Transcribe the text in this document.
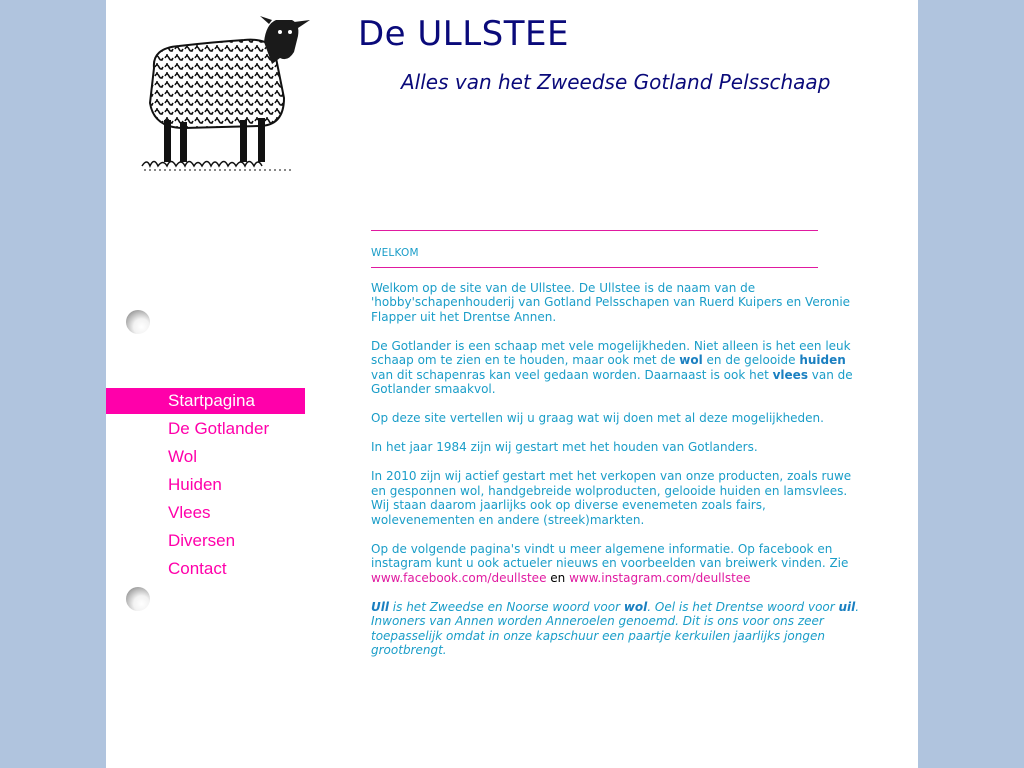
De ULLSTEE

Alles van het Zweedse Gotland Pelsschaap

Startpagina
De Gotlander
Wol
Huiden
Vlees
Diversen
Contact
WELKOM

Welkom op de site van de Ullstee. De Ullstee is de naam van de 'hobby'schapenhouderij van Gotland Pelsschapen van Ruerd Kuipers en Veronie Flapper uit het Drentse Annen.

De Gotlander is een schaap met vele mogelijkheden. Niet alleen is het een leuk schaap om te zien en te houden, maar ook met de wol en de gelooide huiden van dit schapenras kan veel gedaan worden. Daarnaast is ook het vlees van de Gotlander smaakvol.

Op deze site vertellen wij u graag wat wij doen met al deze mogelijkheden.

In het jaar 1984 zijn wij gestart met het houden van Gotlanders.

In 2010 zijn wij actief gestart met het verkopen van onze producten, zoals ruwe en gesponnen wol, handgebreide wolproducten, gelooide huiden en lamsvlees. Wij staan daarom jaarlijks ook op diverse evenemeten zoals fairs, wolevenementen en andere (streek)markten.

Op de volgende pagina's vindt u meer algemene informatie. Op facebook en instagram kunt u ook actueler nieuws en voorbeelden van breiwerk vinden. Zie www.facebook.com/deullstee en www.instagram.com/deullstee

Ull is het Zweedse en Noorse woord voor wol. Oel is het Drentse woord voor uil. Inwoners van Annen worden Anneroelen genoemd. Dit is ons voor ons zeer toepasselijk omdat in onze kapschuur een paartje kerkuilen jaarlijks jongen grootbrengt.
